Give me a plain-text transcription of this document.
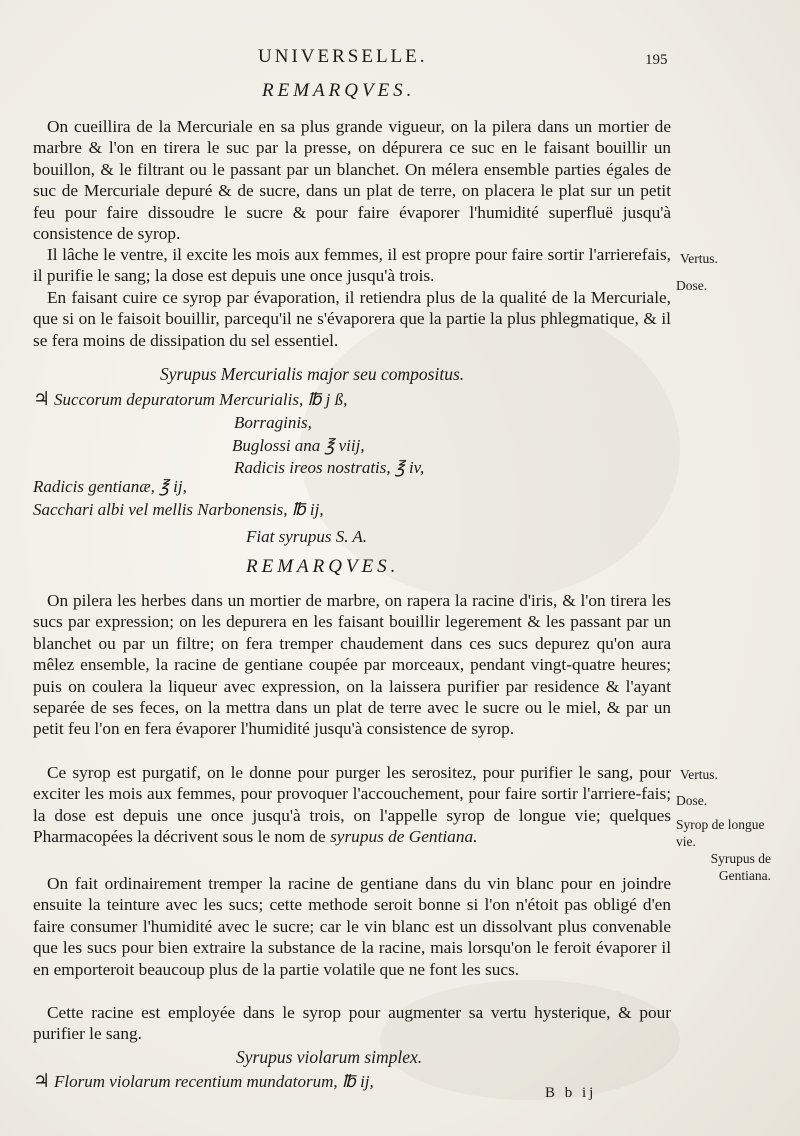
UNIVERSELLE.	195
REMARQVES.
On cueillira de la Mercuriale en sa plus grande vigueur, on la pilera dans un mortier de marbre & l'on en tirera le suc par la presse, on dépurera ce suc en le faisant bouillir un bouillon, & le filtrant ou le passant par un blanchet. On mélera ensemble parties égales de suc de Mercuriale depuré & de sucre, dans un plat de terre, on placera le plat sur un petit feu pour faire dissoudre le sucre & pour faire évaporer l'humidité superfluë jusqu'à consistence de syrop.
Il lâche le ventre, il excite les mois aux femmes, il est propre pour faire sortir l'arrierefais, il purifie le sang; la dose est depuis une once jusqu'à trois.
En faisant cuire ce syrop par évaporation, il retiendra plus de la qualité de la Mercuriale, que si on le faisoit bouillir, parcequ'il ne s'évaporera que la partie la plus phlegmatique, & il se fera moins de dissipation du sel essentiel.
Syrupus Mercurialis major seu compositus.
♃ Succorum depuratorum Mercurialis, ℔ j ß,
Borraginis,
Buglossi ana ℥ viij,
Radicis ireos nostratis, ℥ iv,
Radicis gentianæ, ℥ ij,
Sacchari albi vel mellis Narbonensis, ℔ ij,
Fiat syrupus S. A.
REMARQVES.
On pilera les herbes dans un mortier de marbre, on rapera la racine d'iris, & l'on tirera les sucs par expression; on les depurera en les faisant bouillir legerement & les passant par un blanchet ou par un filtre; on fera tremper chaudement dans ces sucs depurez qu'on aura mêlez ensemble, la racine de gentiane coupée par morceaux, pendant vingt-quatre heures; puis on coulera la liqueur avec expression, on la laissera purifier par residence & l'ayant separée de ses feces, on la mettra dans un plat de terre avec le sucre ou le miel, & par un petit feu l'on en fera évaporer l'humidité jusqu'à consistence de syrop.
Ce syrop est purgatif, on le donne pour purger les serositez, pour purifier le sang, pour exciter les mois aux femmes, pour provoquer l'accouchement, pour faire sortir l'arriere-fais; la dose est depuis une once jusqu'à trois, on l'appelle syrop de longue vie; quelques Pharmacopées la décrivent sous le nom de syrupus de Gentiana.
On fait ordinairement tremper la racine de gentiane dans du vin blanc pour en joindre ensuite la teinture avec les sucs; cette methode seroit bonne si l'on n'étoit pas obligé d'en faire consumer l'humidité avec le sucre; car le vin blanc est un dissolvant plus convenable que les sucs pour bien extraire la substance de la racine, mais lorsqu'on le feroit évaporer il en emporteroit beaucoup plus de la partie volatile que ne font les sucs.
Cette racine est employée dans le syrop pour augmenter sa vertu hysterique, & pour purifier le sang.
Syrupus violarum simplex.
♃ Florum violarum recentium mundatorum, ℔ ij,
Vertus.
Dose.
Vertus.
Dose.
Syrop de longue vie.
Syrupus de Gentiana.
B b ij
